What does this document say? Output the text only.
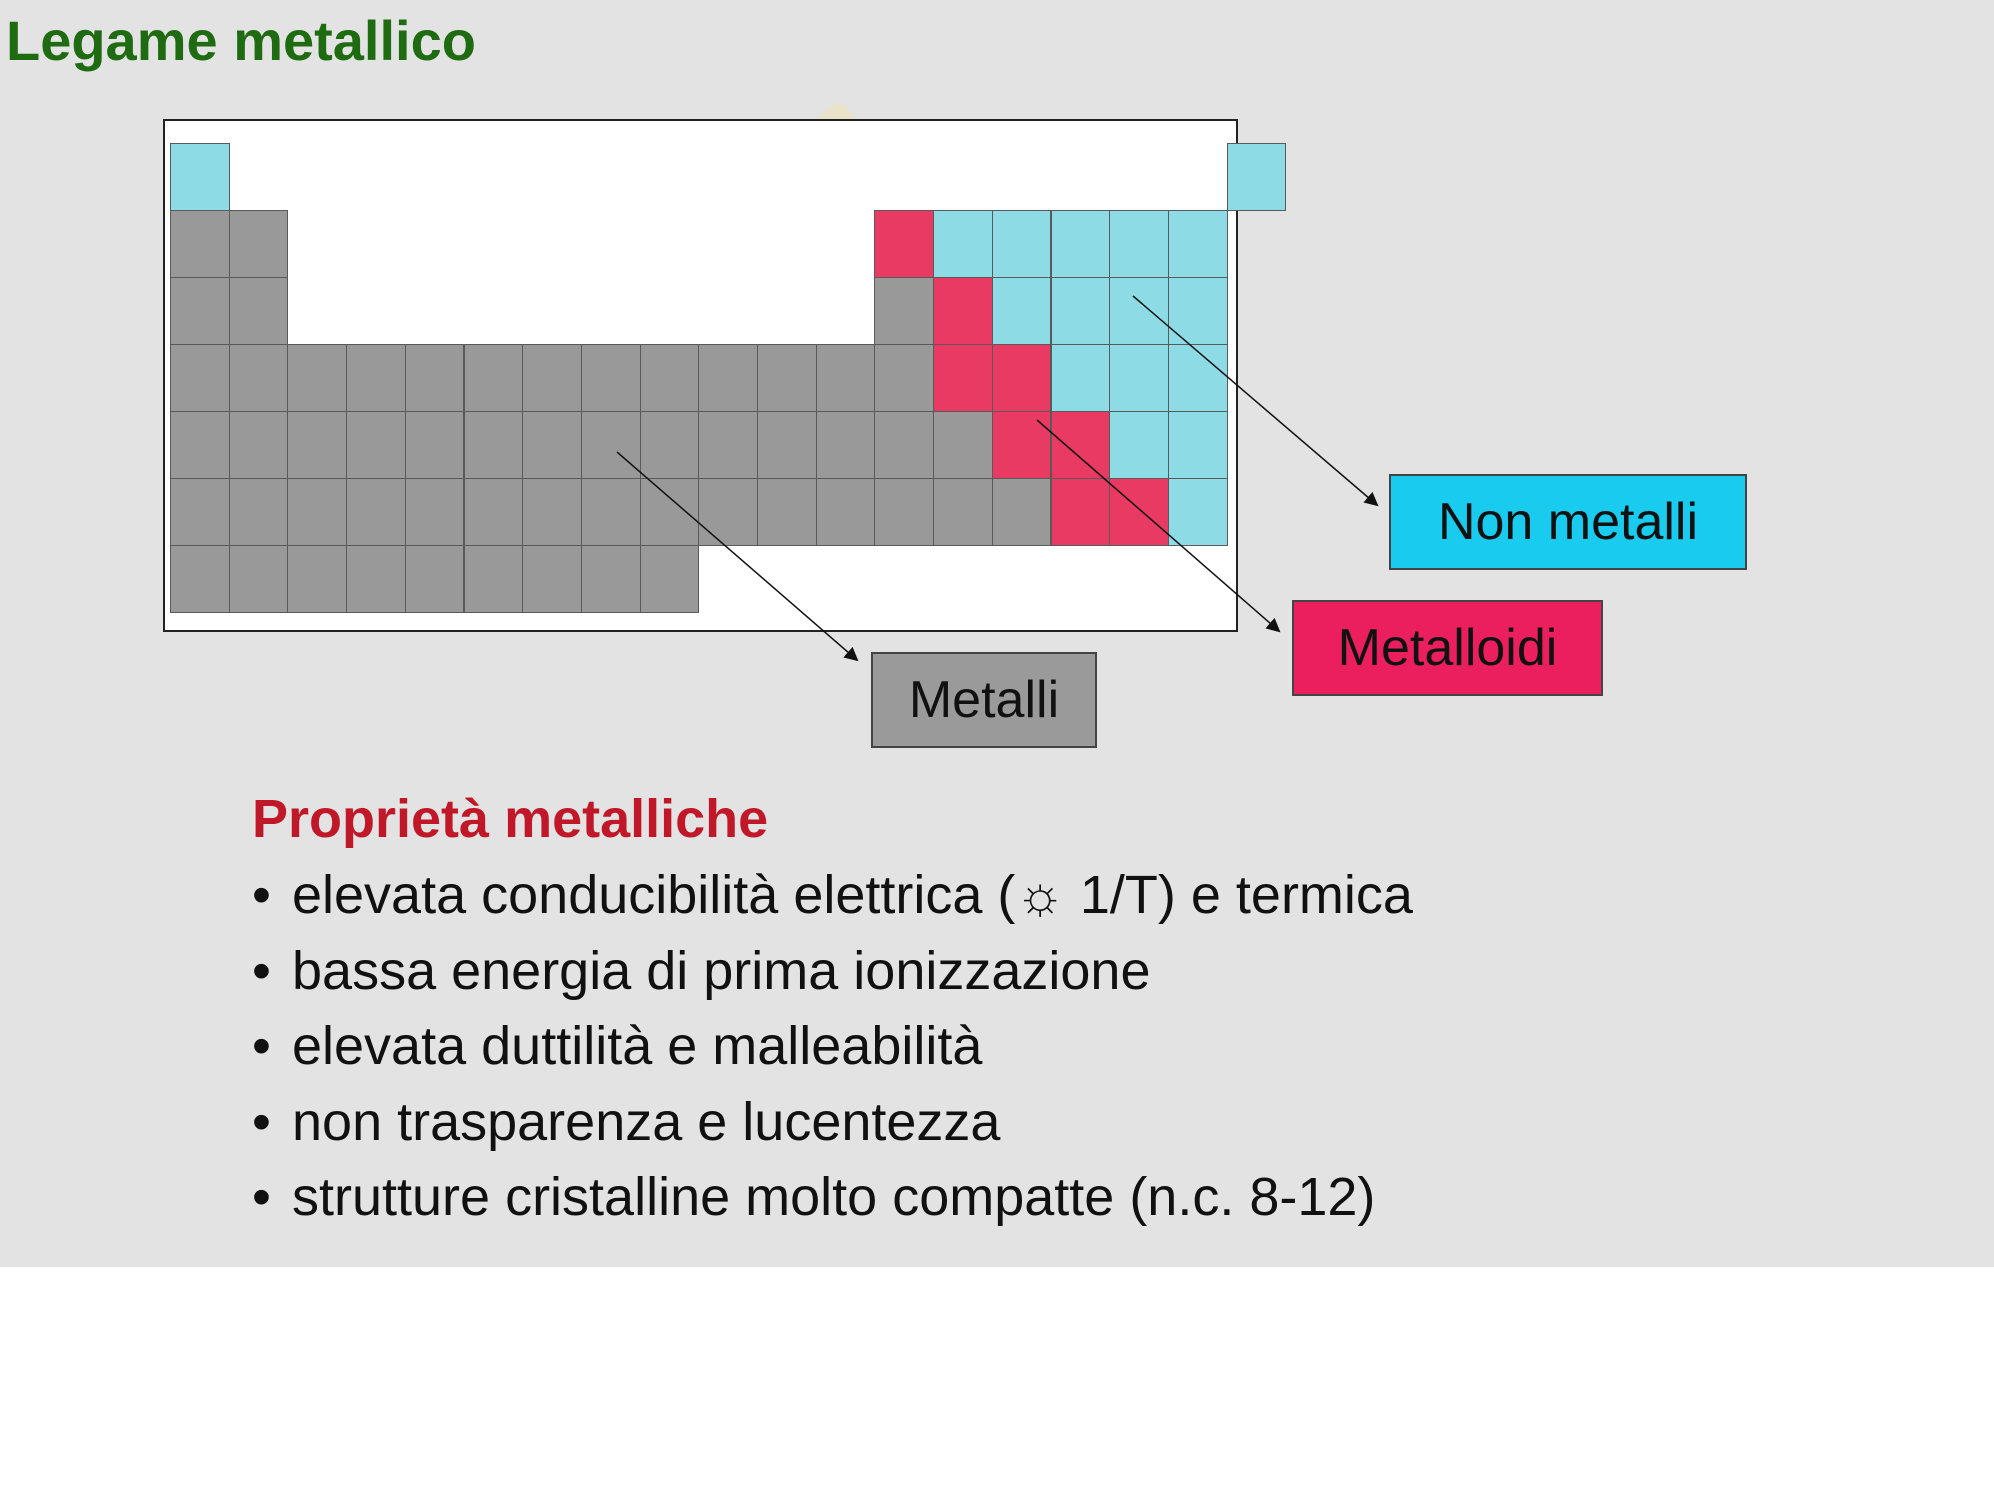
Legame metallico
Metalli
Metalloidi
Non metalli
Proprietà metalliche
• elevata conducibilità elettrica (☼ 1/T) e termica
• bassa energia di prima ionizzazione
• elevata duttilità e malleabilità
• non trasparenza e lucentezza
• strutture cristalline molto compatte (n.c. 8-12)
